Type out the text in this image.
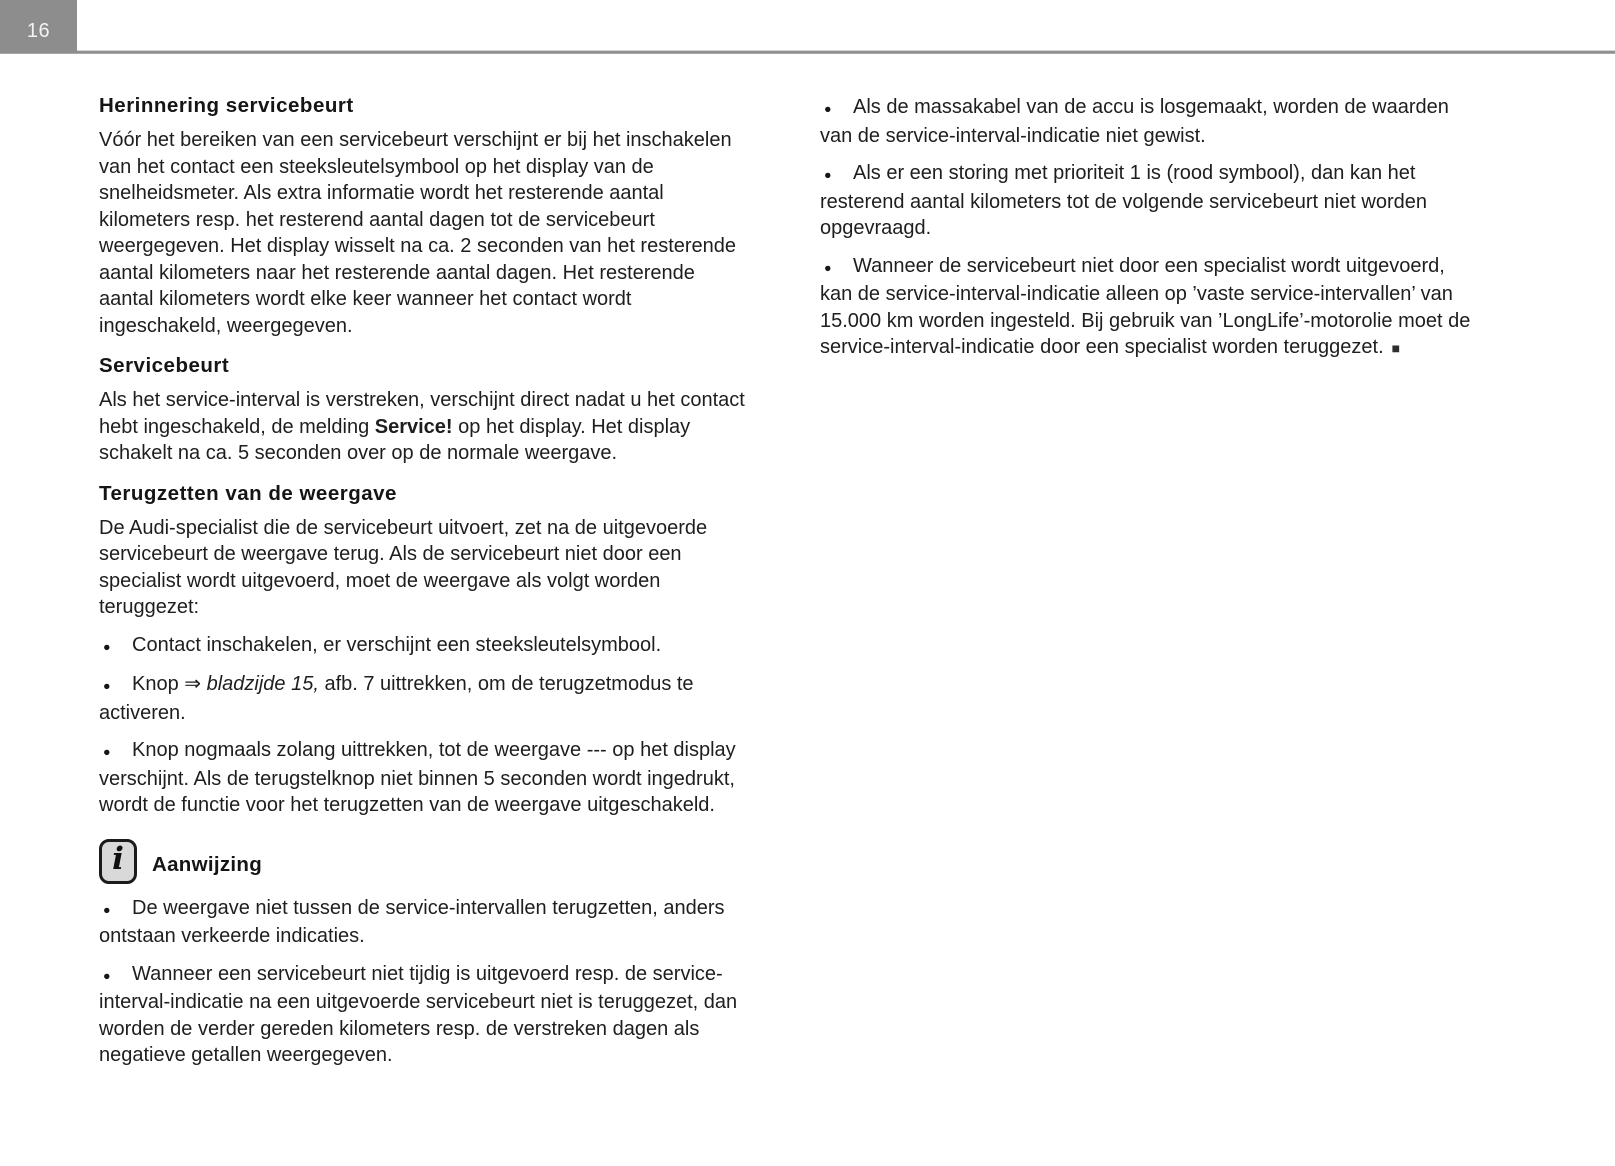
16
Herinnering servicebeurt

Vóór het bereiken van een servicebeurt verschijnt er bij het inschakelen van het contact een steeksleutelsymbool op het display van de snelheidsmeter. Als extra informatie wordt het resterende aantal kilometers resp. het resterend aantal dagen tot de servicebeurt weergegeven. Het display wisselt na ca. 2 seconden van het resterende aantal kilometers naar het resterende aantal dagen. Het resterende aantal kilometers wordt elke keer wanneer het contact wordt ingeschakeld, weergegeven.

Servicebeurt

Als het service-interval is verstreken, verschijnt direct nadat u het contact hebt ingeschakeld, de melding Service! op het display. Het display schakelt na ca. 5 seconden over op de normale weergave.

Terugzetten van de weergave

De Audi-specialist die de servicebeurt uitvoert, zet na de uitgevoerde servicebeurt de weergave terug. Als de servicebeurt niet door een specialist wordt uitgevoerd, moet de weergave als volgt worden teruggezet:

● Contact inschakelen, er verschijnt een steeksleutelsymbool.

● Knop ⇒ bladzijde 15, afb. 7 uittrekken, om de terugzetmodus te activeren.

● Knop nogmaals zolang uittrekken, tot de weergave --- op het display verschijnt. Als de terugstelknop niet binnen 5 seconden wordt ingedrukt, wordt de functie voor het terugzetten van de weergave uitgeschakeld.

i Aanwijzing

● De weergave niet tussen de service-intervallen terugzetten, anders ontstaan verkeerde indicaties.

● Wanneer een servicebeurt niet tijdig is uitgevoerd resp. de service-interval-indicatie na een uitgevoerde servicebeurt niet is teruggezet, dan worden de verder gereden kilometers resp. de verstreken dagen als negatieve getallen weergegeven.

● Als de massakabel van de accu is losgemaakt, worden de waarden van de service-interval-indicatie niet gewist.

● Als er een storing met prioriteit 1 is (rood symbool), dan kan het resterend aantal kilometers tot de volgende servicebeurt niet worden opgevraagd.

● Wanneer de servicebeurt niet door een specialist wordt uitgevoerd, kan de service-interval-indicatie alleen op ’vaste service-intervallen’ van 15.000 km worden ingesteld. Bij gebruik van ’LongLife’-motorolie moet de service-interval-indicatie door een specialist worden teruggezet. ■
